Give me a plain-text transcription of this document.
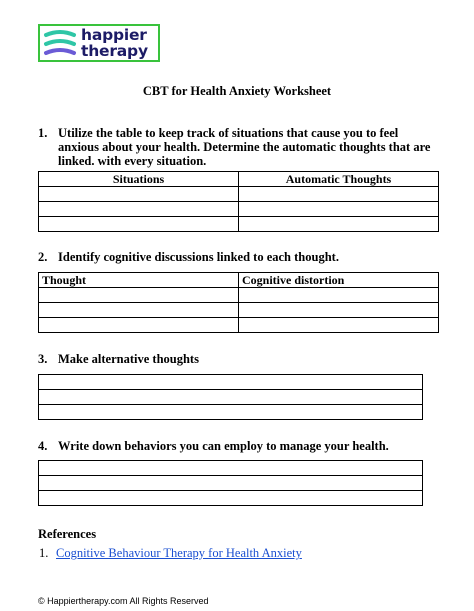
happier
therapy
CBT for Health Anxiety Worksheet
1. Utilize the table to keep track of situations that cause you to feel anxious about your health. Determine the automatic thoughts that are linked. with every situation.
Situations	Automatic Thoughts

2. Identify cognitive discussions linked to each thought.
Thought	Cognitive distortion

3. Make alternative thoughts

4. Write down behaviors you can employ to manage your health.

References
1. Cognitive Behaviour Therapy for Health Anxiety
© Happiertherapy.com All Rights Reserved
